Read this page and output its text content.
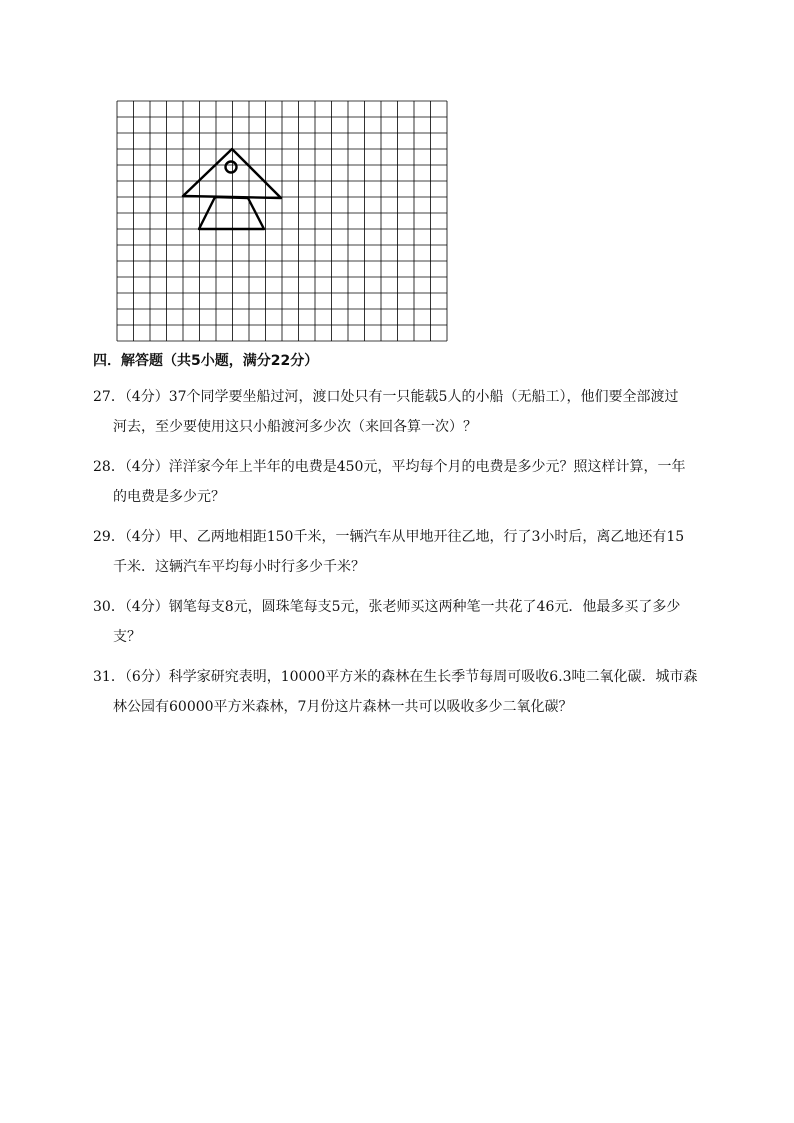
四．解答题（共5小题，满分22分）
27．（4分）37个同学要坐船过河，渡口处只有一只能载5人的小船（无船工），他们要全部渡过
河去，至少要使用这只小船渡河多少次（来回各算一次）？
28．（4分）洋洋家今年上半年的电费是450元，平均每个月的电费是多少元？照这样计算，一年
的电费是多少元？
29．（4分）甲、乙两地相距150千米，一辆汽车从甲地开往乙地，行了3小时后，离乙地还有15
千米．这辆汽车平均每小时行多少千米？
30．（4分）钢笔每支8元，圆珠笔每支5元，张老师买这两种笔一共花了46元．他最多买了多少
支？
31．（6分）科学家研究表明，10000平方米的森林在生长季节每周可吸收6.3吨二氧化碳．城市森
林公园有60000平方米森林，7月份这片森林一共可以吸收多少二氧化碳？
